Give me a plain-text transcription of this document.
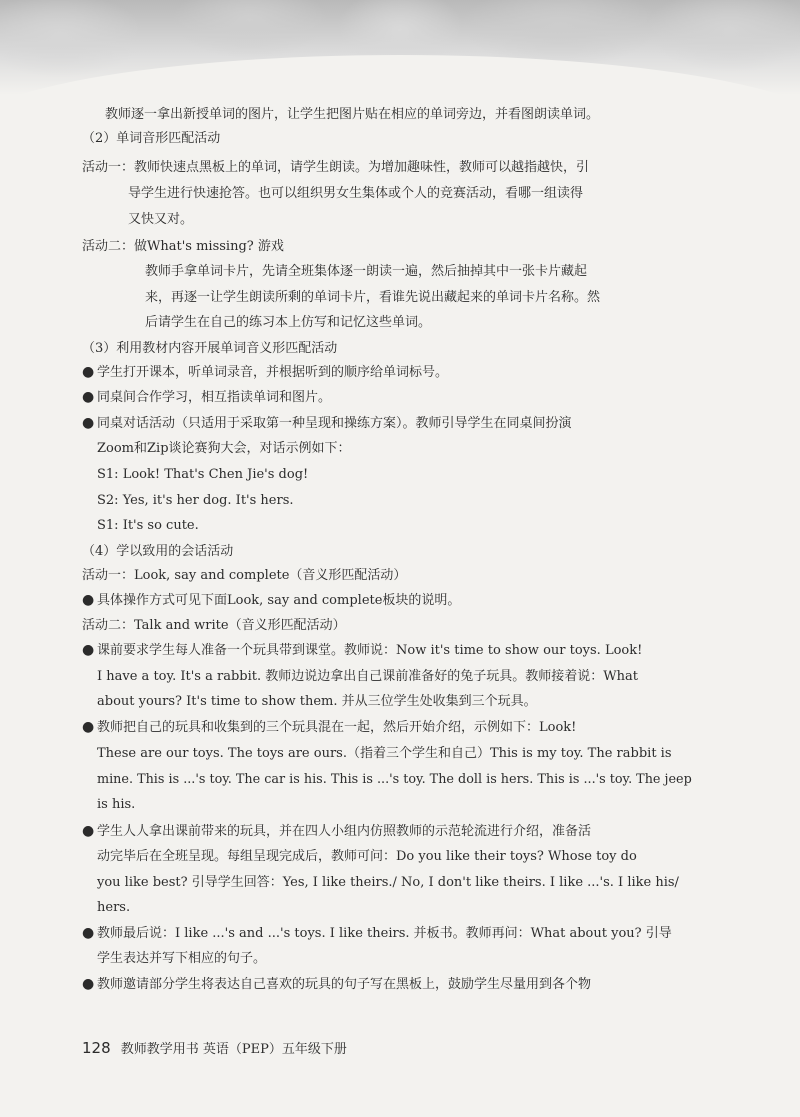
教师逐一拿出新授单词的图片，让学生把图片贴在相应的单词旁边，并看图朗读单词。
（2）单词音形匹配活动
活动一：教师快速点黑板上的单词，请学生朗读。为增加趣味性，教师可以越指越快，引
导学生进行快速抢答。也可以组织男女生集体或个人的竞赛活动，看哪一组读得
又快又对。
活动二：做What's missing? 游戏
教师手拿单词卡片，先请全班集体逐一朗读一遍，然后抽掉其中一张卡片藏起
来，再逐一让学生朗读所剩的单词卡片，看谁先说出藏起来的单词卡片名称。然
后请学生在自己的练习本上仿写和记忆这些单词。
（3）利用教材内容开展单词音义形匹配活动
● 学生打开课本，听单词录音，并根据听到的顺序给单词标号。
● 同桌间合作学习，相互指读单词和图片。
● 同桌对话活动（只适用于采取第一种呈现和操练方案）。教师引导学生在同桌间扮演
Zoom和Zip谈论赛狗大会，对话示例如下：
S1: Look! That's Chen Jie's dog!
S2: Yes, it's her dog. It's hers.
S1: It's so cute.
（4）学以致用的会话活动
活动一：Look, say and complete（音义形匹配活动）
● 具体操作方式可见下面Look, say and complete板块的说明。
活动二：Talk and write（音义形匹配活动）
● 课前要求学生每人准备一个玩具带到课堂。教师说：Now it's time to show our toys. Look!
I have a toy. It's a rabbit. 教师边说边拿出自己课前准备好的兔子玩具。教师接着说：What
about yours? It's time to show them. 并从三位学生处收集到三个玩具。
● 教师把自己的玩具和收集到的三个玩具混在一起，然后开始介绍，示例如下：Look!
These are our toys. The toys are ours.（指着三个学生和自己）This is my toy. The rabbit is
mine. This is ...'s toy. The car is his. This is ...'s toy. The doll is hers. This is ...'s toy. The jeep
is his.
● 学生人人拿出课前带来的玩具，并在四人小组内仿照教师的示范轮流进行介绍，准备活
动完毕后在全班呈现。每组呈现完成后，教师可问：Do you like their toys? Whose toy do
you like best? 引导学生回答：Yes, I like theirs./ No, I don't like theirs. I like ...'s. I like his/
hers.
● 教师最后说：I like ...'s and ...'s toys. I like theirs. 并板书。教师再问：What about you? 引导
学生表达并写下相应的句子。
● 教师邀请部分学生将表达自己喜欢的玩具的句子写在黑板上，鼓励学生尽量用到各个物
128 教师教学用书 英语（PEP）五年级下册
